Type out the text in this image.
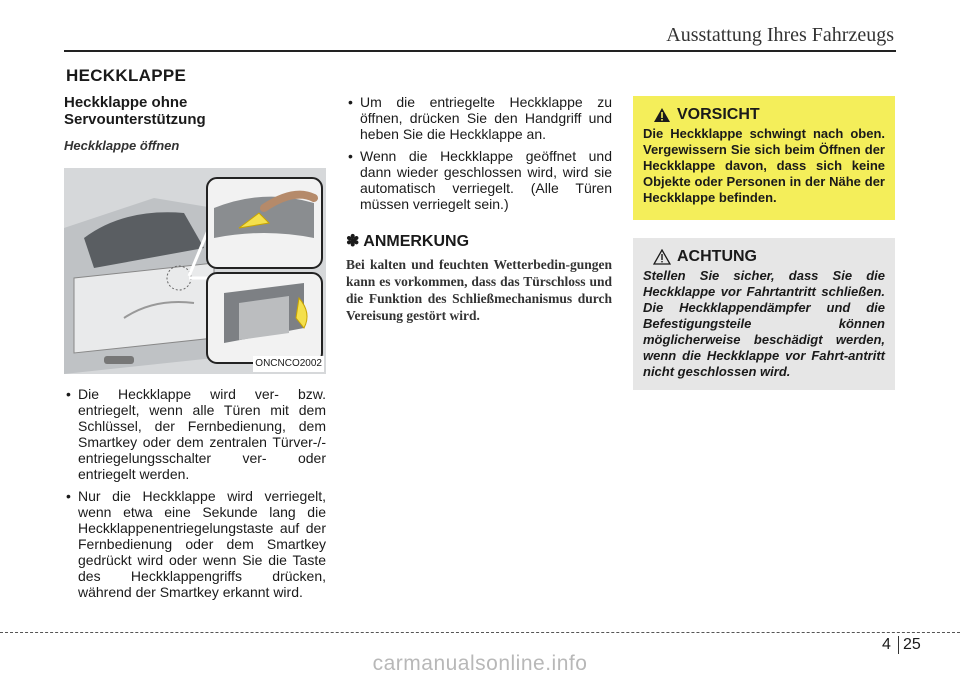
Ausstattung Ihres Fahrzeugs
HECKKLAPPE
Heckklappe ohne Servounterstützung
Heckklappe öffnen
ONCNCO2002
• Die Heckklappe wird ver- bzw. entriegelt, wenn alle Türen mit dem Schlüssel, der Fernbedienung, dem Smartkey oder dem zentralen Türver-/-entriegelungsschalter ver- oder entriegelt werden.
• Nur die Heckklappe wird verriegelt, wenn etwa eine Sekunde lang die Heckklappenentriegelungstaste auf der Fernbedienung oder dem Smartkey gedrückt wird oder wenn Sie die Taste des Heckklappengriffs drücken, während der Smartkey erkannt wird.
• Um die entriegelte Heckklappe zu öffnen, drücken Sie den Handgriff und heben Sie die Heckklappe an.
• Wenn die Heckklappe geöffnet und dann wieder geschlossen wird, wird sie automatisch verriegelt. (Alle Türen müssen verriegelt sein.)
✽ ANMERKUNG
Bei kalten und feuchten Wetterbedin-gungen kann es vorkommen, dass das Türschloss und die Funktion des Schließmechanismus durch Vereisung gestört wird.
VORSICHT
Die Heckklappe schwingt nach oben. Vergewissern Sie sich beim Öffnen der Heckklappe davon, dass sich keine Objekte oder Personen in der Nähe der Heckklappe befinden.
ACHTUNG
Stellen Sie sicher, dass Sie die Heckklappe vor Fahrtantritt schließen. Die Heckklappendämpfer und die Befestigungsteile können möglicherweise beschädigt werden, wenn die Heckklappe vor Fahrt-antritt nicht geschlossen wird.
4 25
carmanualsonline.info
